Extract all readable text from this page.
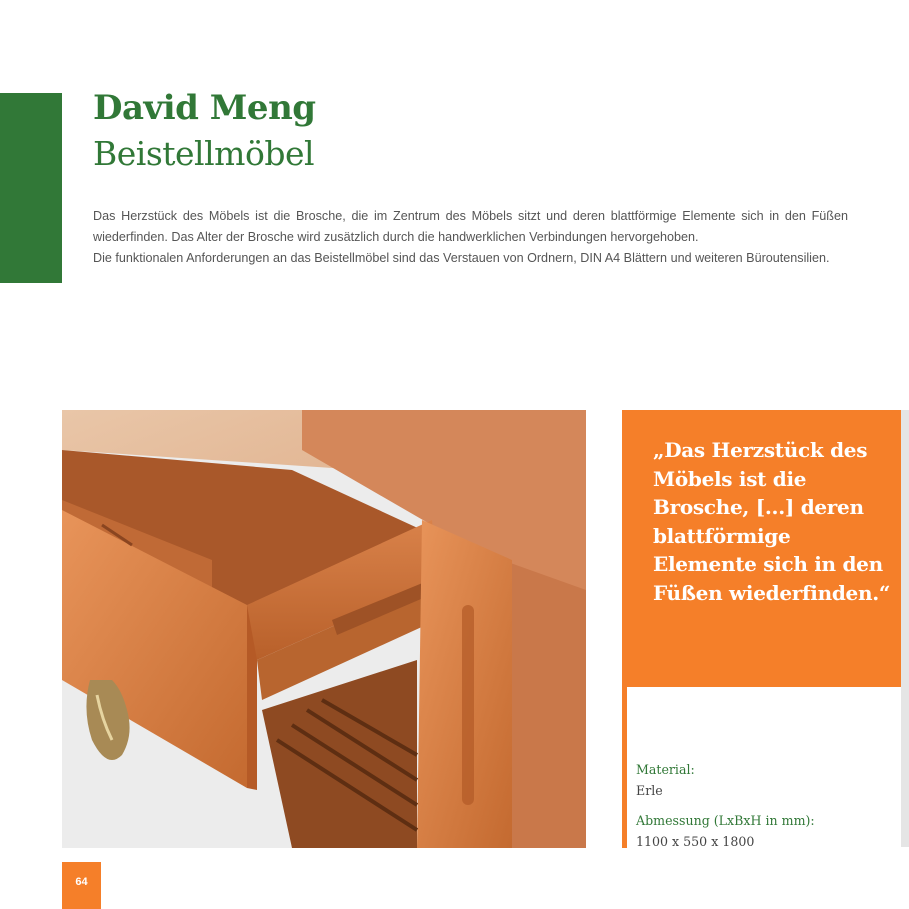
David Meng
Beistellmöbel

Das Herzstück des Möbels ist die Brosche, die im Zentrum des Möbels sitzt und deren blattförmige Elemente sich in den Füßen wiederfinden. Das Alter der Brosche wird zusätzlich durch die handwerklichen Verbindungen hervorgehoben.

Die funktionalen Anforderungen an das Beistellmöbel sind das Verstauen von Ordnern, DIN A4 Blättern und weiteren Büroutensilien.

„Das Herzstück des Möbels ist die Brosche, [...] deren blattförmige Elemente sich in den Füßen wiederfinden.“

Material:

Erle

Abmessung (LxBxH in mm):

1100 x 550 x 1800

64
